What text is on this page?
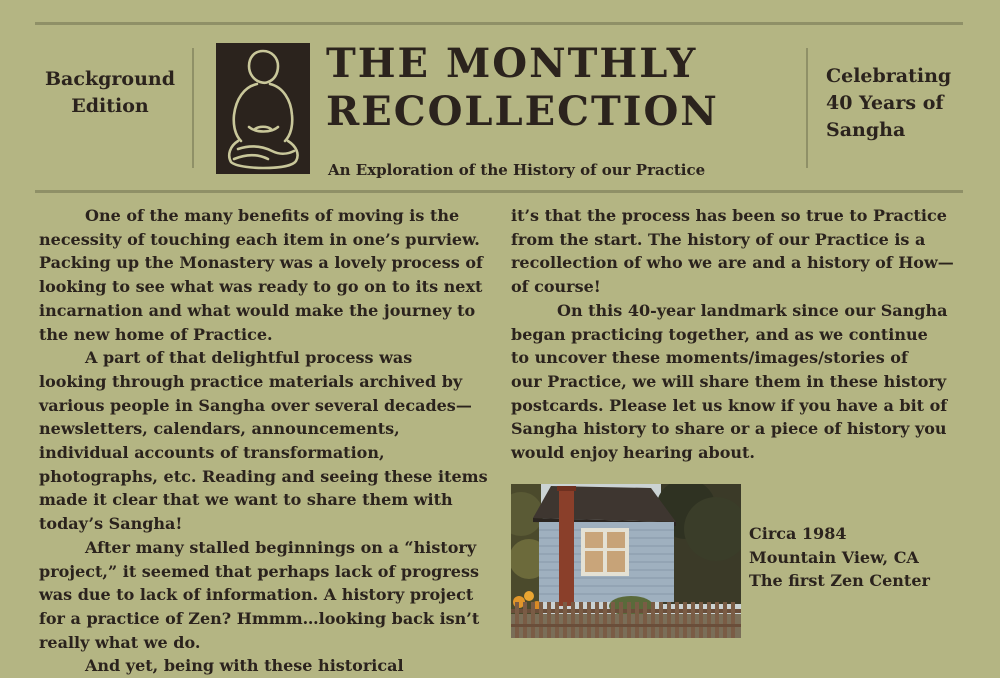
Background
Edition
THE MONTHLY
RECOLLECTION
An Exploration of the History of our Practice
Celebrating
40 Years of
Sangha

One of the many benefits of moving is the
necessity of touching each item in one’s purview.
Packing up the Monastery was a lovely process of
looking to see what was ready to go on to its next
incarnation and what would make the journey to
the new home of Practice.

A part of that delightful process was
looking through practice materials archived by
various people in Sangha over several decades—
newsletters, calendars, announcements,
individual accounts of transformation,
photographs, etc. Reading and seeing these items
made it clear that we want to share them with
today’s Sangha!

After many stalled beginnings on a “history
project,” it seemed that perhaps lack of progress
was due to lack of information. A history project
for a practice of Zen? Hmmm…looking back isn’t
really what we do.

And yet, being with these historical

it’s that the process has been so true to Practice
from the start. The history of our Practice is a
recollection of who we are and a history of How—
of course!

On this 40-year landmark since our Sangha
began practicing together, and as we continue
to uncover these moments/images/stories of
our Practice, we will share them in these history
postcards. Please let us know if you have a bit of
Sangha history to share or a piece of history you
would enjoy hearing about.

Circa 1984
Mountain View, CA
The first Zen Center
